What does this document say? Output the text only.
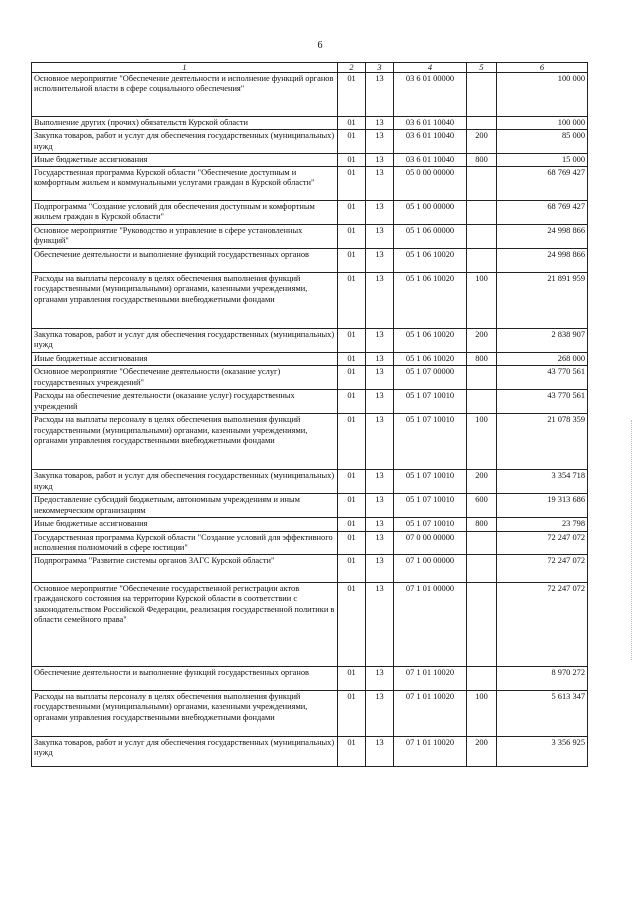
6
1	2	3	4	5	6
Основное мероприятие "Обеспечение деятельности и исполнение функций органов исполнительной власти в сфере социального обеспечения"	01	13	03 6 01 00000		100 000
Выполнение других (прочих) обязательств Курской области	01	13	03 6 01 10040		100 000
Закупка товаров, работ и услуг для обеспечения государственных (муниципальных) нужд	01	13	03 6 01 10040	200	85 000
Иные бюджетные ассигнования	01	13	03 6 01 10040	800	15 000
Государственная программа Курской области "Обеспечение доступным и комфортным жильем и коммунальными услугами граждан в Курской области"	01	13	05 0 00 00000		68 769 427
Подпрограмма "Создание условий для обеспечения доступным и комфортным жильем граждан в Курской области"	01	13	05 1 00 00000		68 769 427
Основное мероприятие "Руководство и управление в сфере установленных функций"	01	13	05 1 06 00000		24 998 866
Обеспечение деятельности и выполнение функций государственных органов	01	13	05 1 06 10020		24 998 866
Расходы на выплаты персоналу в целях обеспечения выполнения функций государственными (муниципальными) органами, казенными учреждениями, органами управления государственными внебюджетными фондами	01	13	05 1 06 10020	100	21 891 959
Закупка товаров, работ и услуг для обеспечения государственных (муниципальных) нужд	01	13	05 1 06 10020	200	2 838 907
Иные бюджетные ассигнования	01	13	05 1 06 10020	800	268 000
Основное мероприятие "Обеспечение деятельности (оказание услуг) государственных учреждений"	01	13	05 1 07 00000		43 770 561
Расходы на обеспечение деятельности (оказание услуг) государственных учреждений	01	13	05 1 07 10010		43 770 561
Расходы на выплаты персоналу в целях обеспечения выполнения функций государственными (муниципальными) органами, казенными учреждениями, органами управления государственными внебюджетными фондами	01	13	05 1 07 10010	100	21 078 359
Закупка товаров, работ и услуг для обеспечения государственных (муниципальных) нужд	01	13	05 1 07 10010	200	3 354 718
Предоставление субсидий бюджетным, автономным учреждениям и иным некоммерческим организациям	01	13	05 1 07 10010	600	19 313 686
Иные бюджетные ассигнования	01	13	05 1 07 10010	800	23 798
Государственная программа Курской области "Создание условий для эффективного исполнения полномочий в сфере юстиции"	01	13	07 0 00 00000		72 247 072
Подпрограмма "Развитие системы органов ЗАГС Курской области"	01	13	07 1 00 00000		72 247 072
Основное мероприятие "Обеспечение государственной регистрации актов гражданского состояния на территории Курской области в соответствии с законодательством Российской Федерации, реализация государственной политики в области семейного права"	01	13	07 1 01 00000		72 247 072
Обеспечение деятельности и выполнение функций государственных органов	01	13	07 1 01 10020		8 970 272
Расходы на выплаты персоналу в целях обеспечения выполнения функций государственными (муниципальными) органами, казенными учреждениями, органами управления государственными внебюджетными фондами	01	13	07 1 01 10020	100	5 613 347
Закупка товаров, работ и услуг для обеспечения государственных (муниципальных) нужд	01	13	07 1 01 10020	200	3 356 925
